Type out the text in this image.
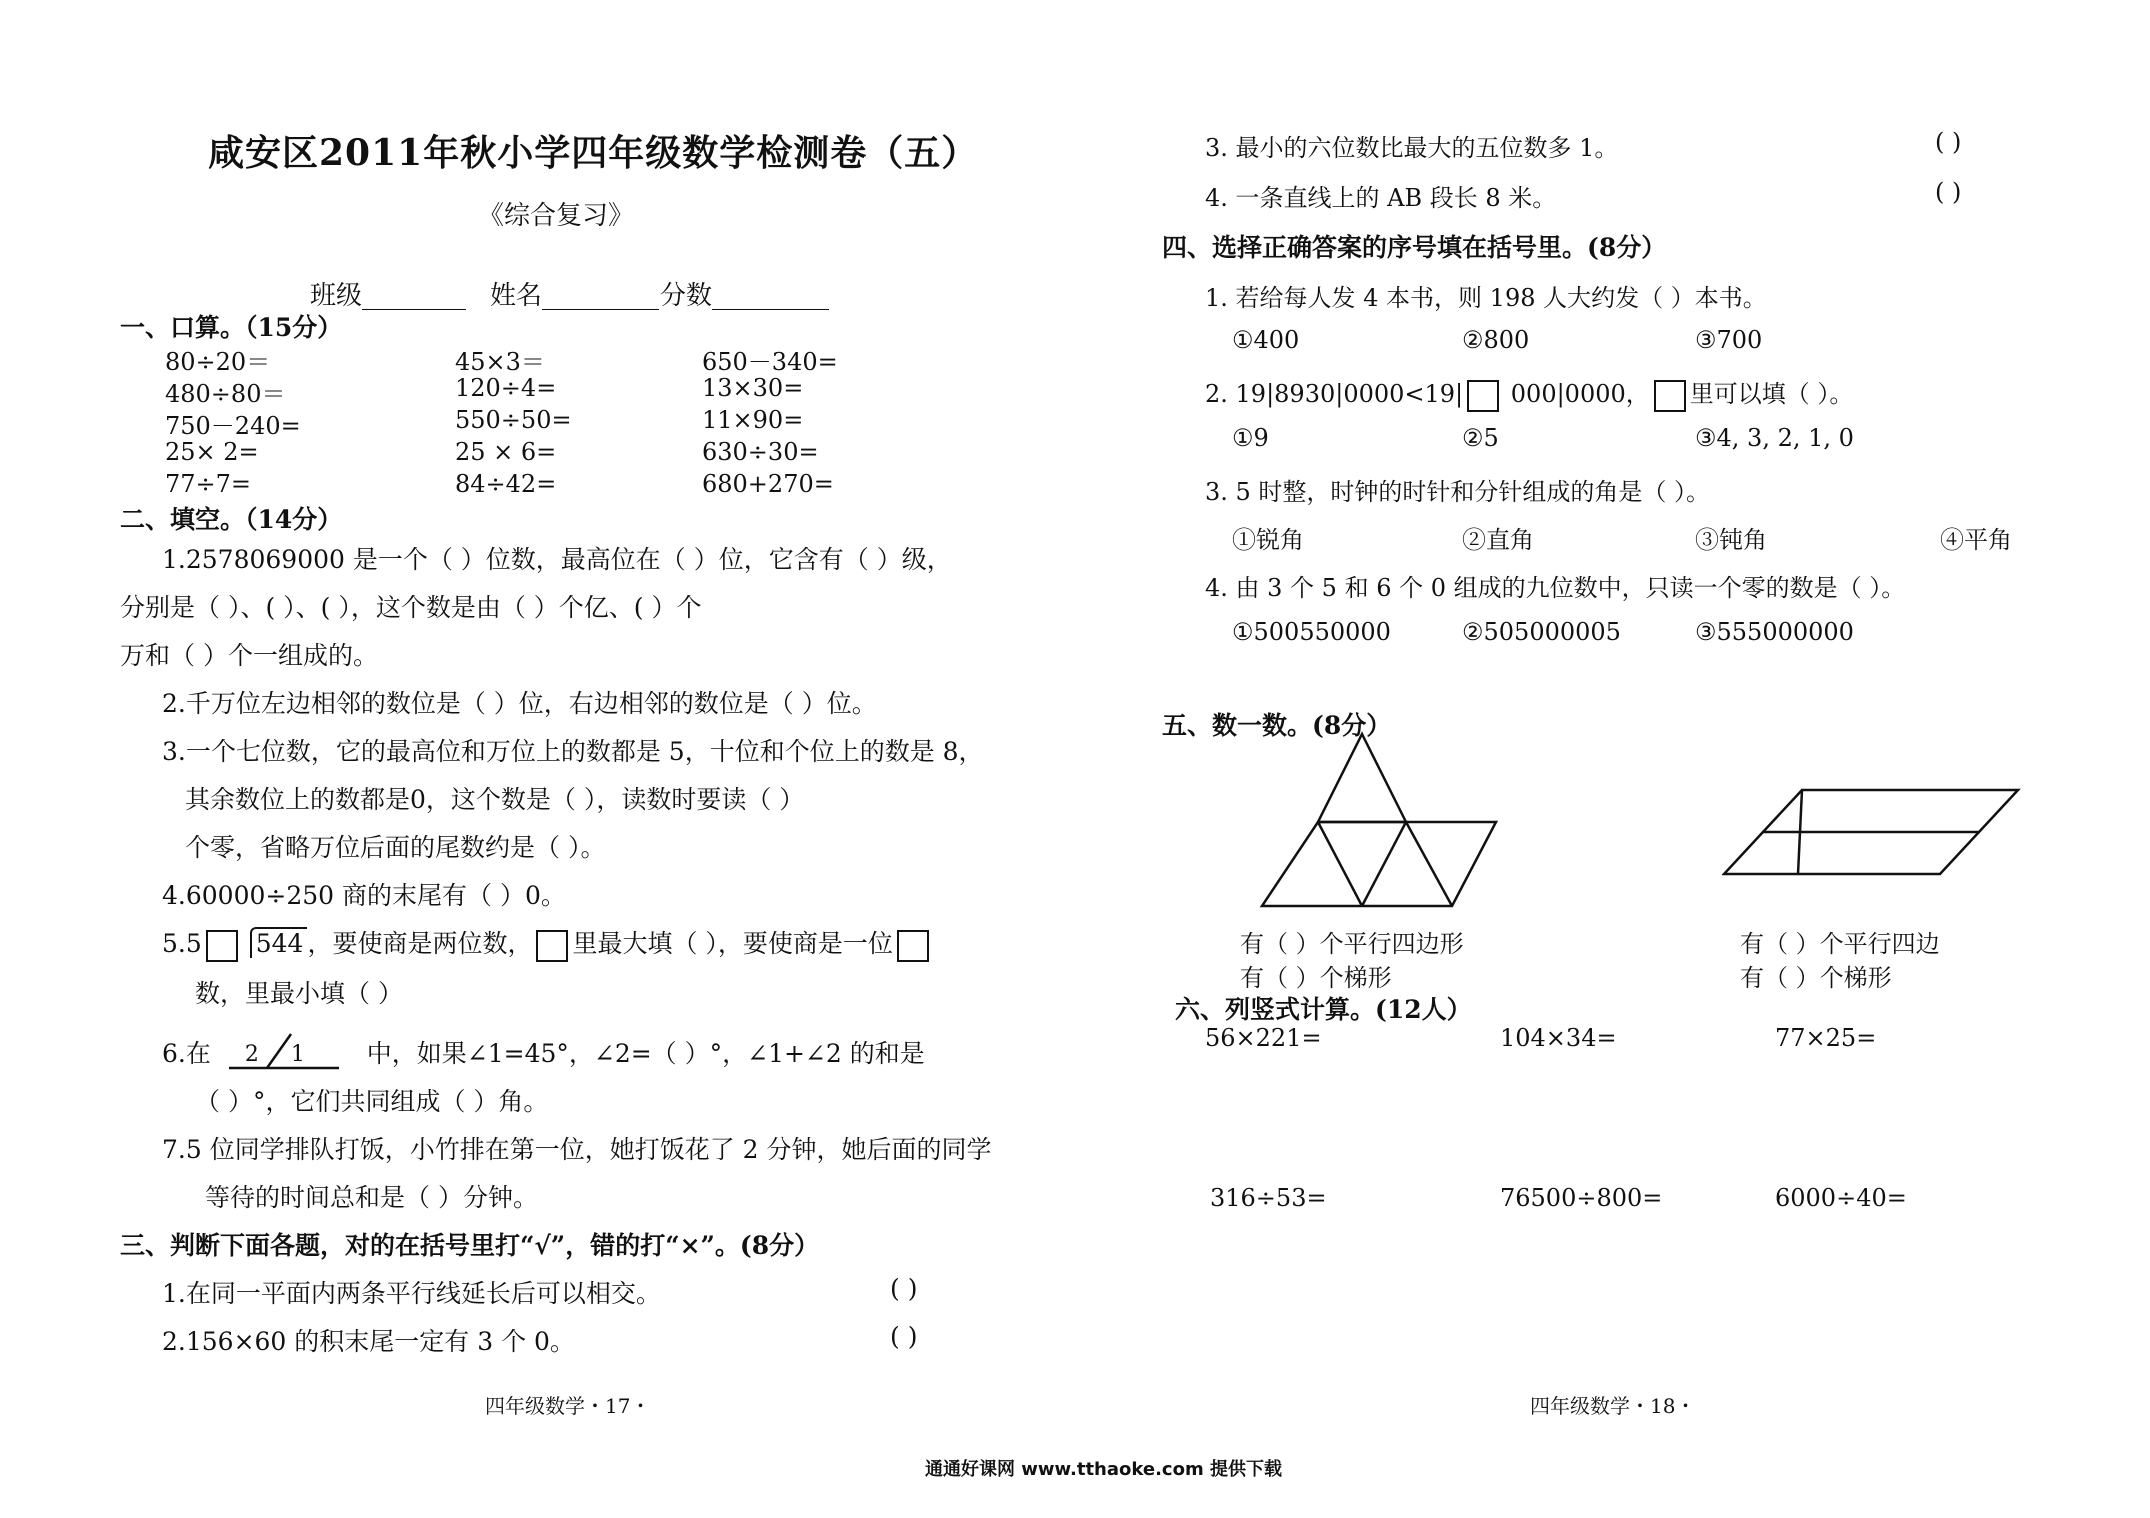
咸安区2011年秋小学四年级数学检测卷（五）
《综合复习》
班级________ 姓名_________ 分数_________
一、口算。（15分）
80÷20＝	45×3＝	650－340=
480÷80＝	120÷4=	13×30=
750－240=	550÷50=	11×90=
25× 2=	25 × 6=	630÷30=
77÷7=	84÷42=	680+270=
二、填空。（14分）
1.2578069000 是一个（ ）位数，最高位在（ ）位，它含有（ ）级，
分别是（ ）、( ）、( ），这个数是由（ ）个亿、( ）个
万和（ ）个一组成的。
2.千万位左边相邻的数位是（ ）位，右边相邻的数位是（ ）位。
3.一个七位数，它的最高位和万位上的数都是 5，十位和个位上的数是 8，
其余数位上的数都是0，这个数是（ ），读数时要读（ ）
个零，省略万位后面的尾数约是（ ）。
4.60000÷250 商的末尾有（ ）0。
5.5 544 ，要使商是两位数， 里最大填（ ），要使商是一位
数，里最小填（ ）
6.在 2 1 中，如果∠1=45°，∠2=（ ）°，∠1+∠2 的和是
（ ）°，它们共同组成（ ）角。
7.5 位同学排队打饭，小竹排在第一位，她打饭花了 2 分钟，她后面的同学
等待的时间总和是（ ）分钟。
三、判断下面各题，对的在括号里打“√”，错的打“×”。(8分）
1.在同一平面内两条平行线延长后可以相交。	( )
2.156×60 的积末尾一定有 3 个 0。	( )
四年级数学・17・
3. 最小的六位数比最大的五位数多 1。	( )
4. 一条直线上的 AB 段长 8 米。	( )
四、选择正确答案的序号填在括号里。(8分）
1. 若给每人发 4 本书，则 198 人大约发（ ）本书。
①400	②800	③700
2. 19|8930|0000<19| 000|0000， 里可以填（ ）。
①9	②5	③4, 3, 2, 1, 0
3. 5 时整，时钟的时针和分针组成的角是（ ）。
①锐角	②直角	③钝角	④平角
4. 由 3 个 5 和 6 个 0 组成的九位数中，只读一个零的数是（ ）。
①500550000	②505000005	③555000000
五、数一数。(8分）
有（ ）个平行四边形
有（ ）个梯形
有（ ）个平行四边
有（ ）个梯形
六、列竖式计算。(12人）
56×221=	104×34=	77×25=
316÷53=	76500÷800=	6000÷40=
四年级数学・18・
通通好课网 www.tthaoke.com 提供下载
